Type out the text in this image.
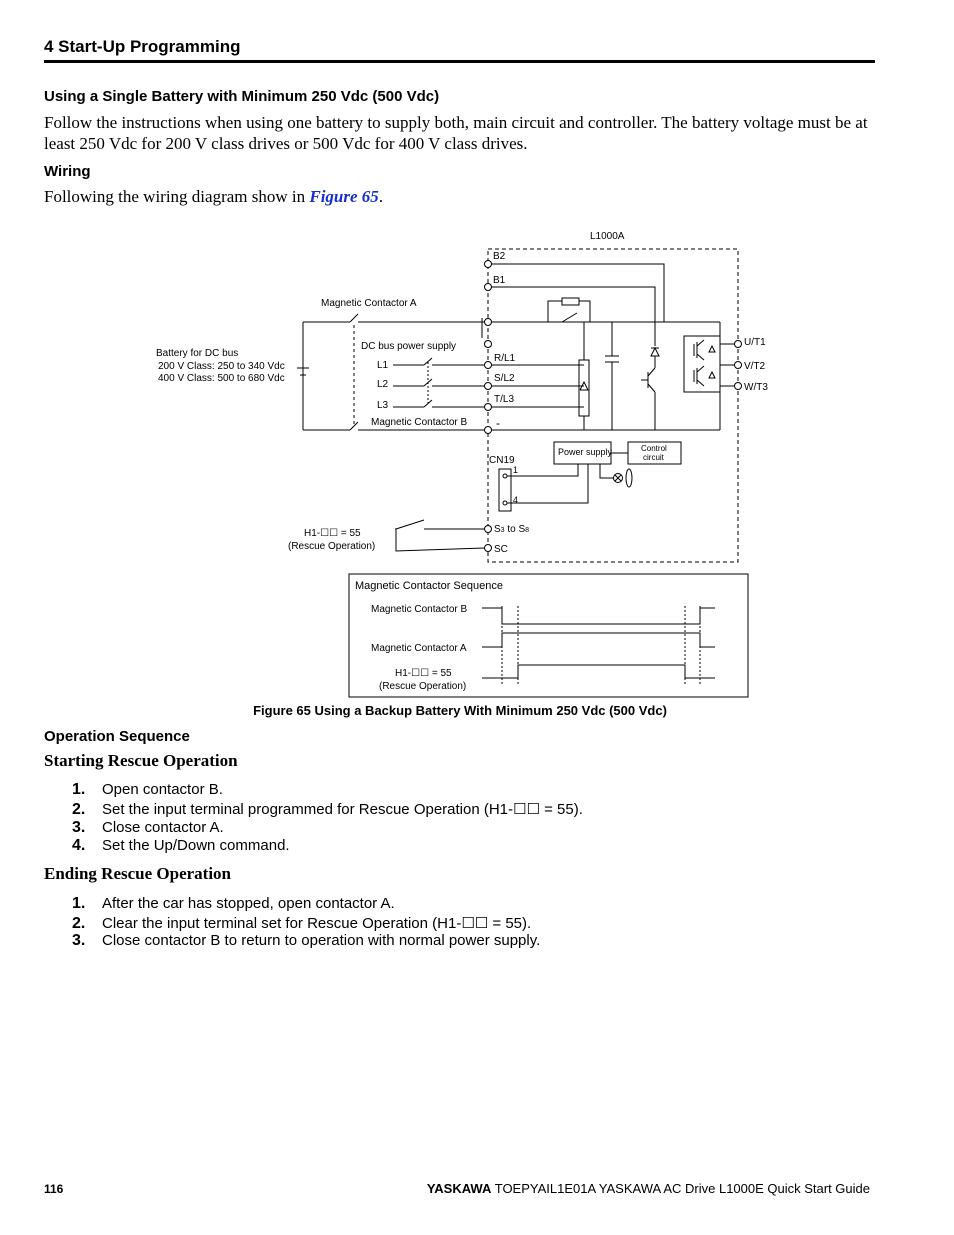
4 Start-Up Programming
Using a Single Battery with Minimum 250 Vdc (500 Vdc)
Follow the instructions when using one battery to supply both, main circuit and controller. The battery voltage must be at least 250 Vdc for 200 V class drives or 500 Vdc for 400 V class drives.
Wiring
Following the wiring diagram show in Figure 65.
L1000A
B2
B1
R/L1
S/L2
T/L3
-
U/T1
V/T2
W/T3
Magnetic Contactor A
Battery for DC bus
200 V Class: 250 to 340 Vdc
400 V Class: 500 to 680 Vdc
DC bus power supply
Magnetic Contactor B
L1
L2
L3
Power supply	Control
circuit
CN19
1
4
S3 to S8
SC
H1-☐☐ = 55
(Rescue Operation)
Magnetic Contactor Sequence
Magnetic Contactor B
Magnetic Contactor A
H1-☐☐ = 55
(Rescue Operation)
Figure 65 Using a Backup Battery With Minimum 250 Vdc (500 Vdc)
Operation Sequence
Starting Rescue Operation
1. Open contactor B.
2. Set the input terminal programmed for Rescue Operation (H1-☐☐ = 55).
3. Close contactor A.
4. Set the Up/Down command.
Ending Rescue Operation
1. After the car has stopped, open contactor A.
2. Clear the input terminal set for Rescue Operation (H1-☐☐ = 55).
3. Close contactor B to return to operation with normal power supply.
116	YASKAWA TOEPYAIL1E01A YASKAWA AC Drive L1000E Quick Start Guide
